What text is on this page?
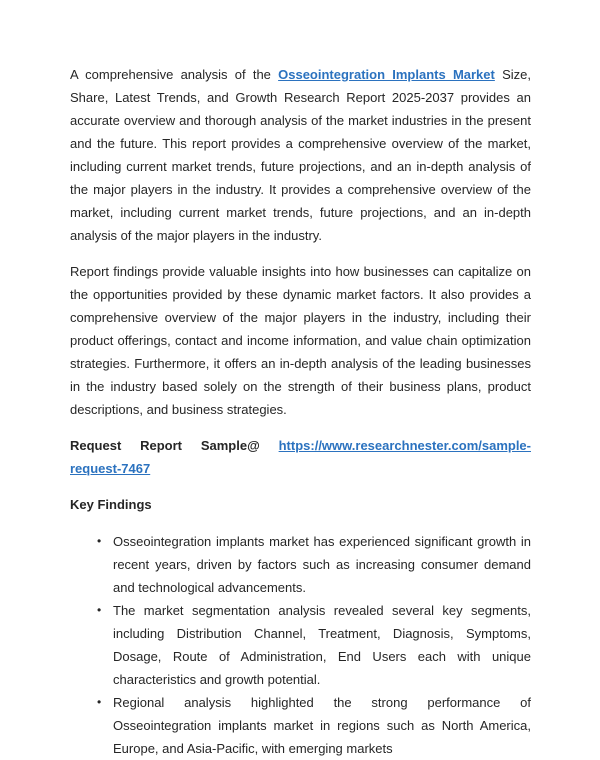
A comprehensive analysis of the Osseointegration Implants Market Size, Share, Latest Trends, and Growth Research Report 2025-2037 provides an accurate overview and thorough analysis of the market industries in the present and the future. This report provides a comprehensive overview of the market, including current market trends, future projections, and an in-depth analysis of the major players in the industry. It provides a comprehensive overview of the market, including current market trends, future projections, and an in-depth analysis of the major players in the industry.

Report findings provide valuable insights into how businesses can capitalize on the opportunities provided by these dynamic market factors. It also provides a comprehensive overview of the major players in the industry, including their product offerings, contact and income information, and value chain optimization strategies. Furthermore, it offers an in-depth analysis of the leading businesses in the industry based solely on the strength of their business plans, product descriptions, and business strategies.

Request Report Sample@ https://www.researchnester.com/sample-request-7467

Key Findings

• Osseointegration implants market has experienced significant growth in recent years, driven by factors such as increasing consumer demand and technological advancements.
• The market segmentation analysis revealed several key segments, including Distribution Channel, Treatment, Diagnosis, Symptoms, Dosage, Route of Administration, End Users each with unique characteristics and growth potential.
• Regional analysis highlighted the strong performance of Osseointegration implants market in regions such as North America, Europe, and Asia-Pacific, with emerging markets
